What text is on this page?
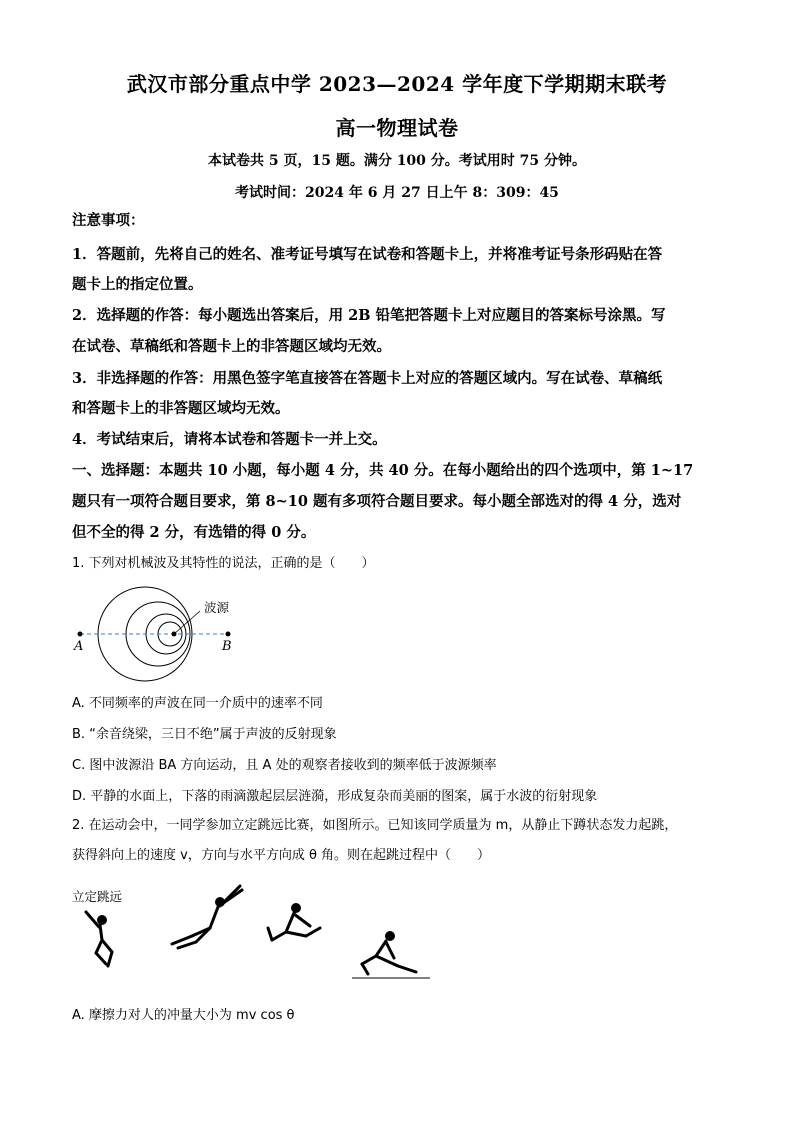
武汉市部分重点中学 2023—2024 学年度下学期期末联考
高一物理试卷
本试卷共 5 页，15 题。满分 100 分。考试用时 75 分钟。
考试时间：2024 年 6 月 27 日上午 8：309：45
注意事项：
1．答题前，先将自己的姓名、准考证号填写在试卷和答题卡上，并将准考证号条形码贴在答
题卡上的指定位置。
2．选择题的作答：每小题选出答案后，用 2B 铅笔把答题卡上对应题目的答案标号涂黑。写
在试卷、草稿纸和答题卡上的非答题区域均无效。
3．非选择题的作答：用黑色签字笔直接答在答题卡上对应的答题区域内。写在试卷、草稿纸
和答题卡上的非答题区域均无效。
4．考试结束后，请将本试卷和答题卡一并上交。
一、选择题：本题共 10 小题，每小题 4 分，共 40 分。在每小题给出的四个选项中，第 1~17
题只有一项符合题目要求，第 8~10 题有多项符合题目要求。每小题全部选对的得 4 分，选对
但不全的得 2 分，有选错的得 0 分。
1. 下列对机械波及其特性的说法，正确的是（　　）
A	B
波源
A. 不同频率的声波在同一介质中的速率不同
B. “余音绕梁，三日不绝”属于声波的反射现象
C. 图中波源沿 BA 方向运动，且 A 处的观察者接收到的频率低于波源频率
D. 平静的水面上，下落的雨滴激起层层涟漪，形成复杂而美丽的图案，属于水波的衍射现象
2. 在运动会中，一同学参加立定跳远比赛，如图所示。已知该同学质量为 m，从静止下蹲状态发力起跳，
获得斜向上的速度 v，方向与水平方向成 θ 角。则在起跳过程中（　　）
立定跳远
A. 摩擦力对人的冲量大小为 mv cos θ
